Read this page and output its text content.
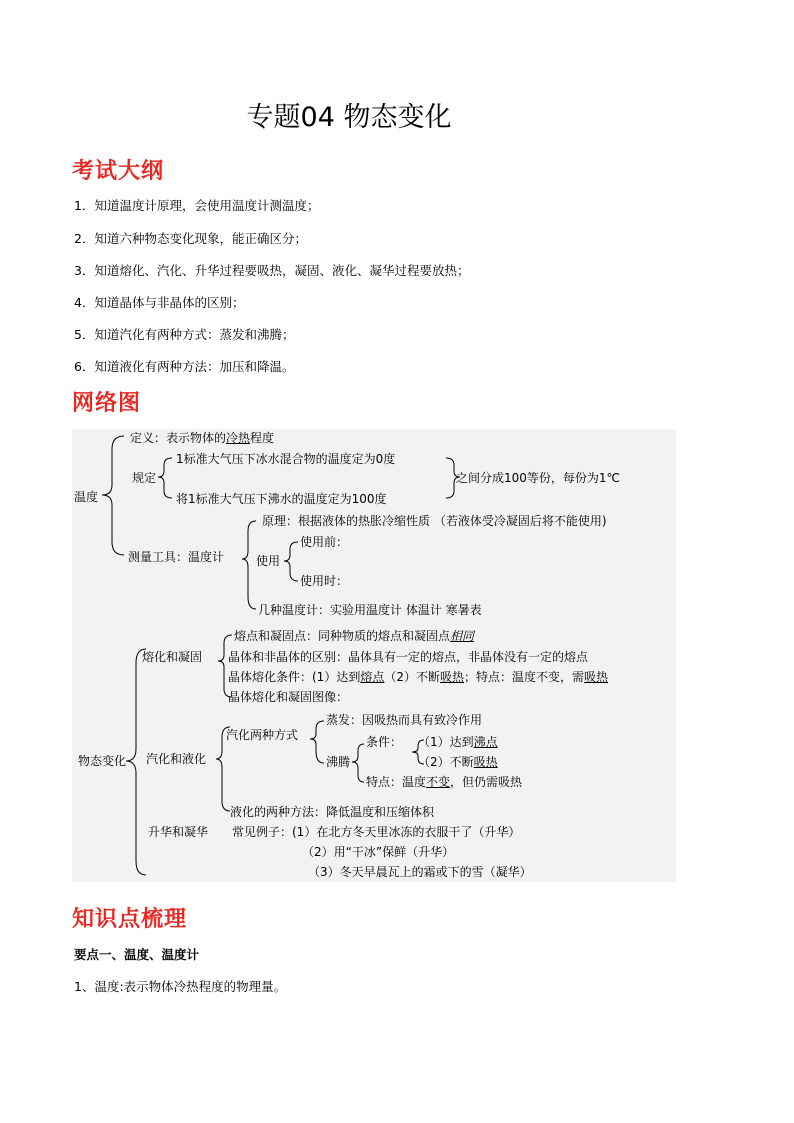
专题04 物态变化
考试大纲
1．知道温度计原理，会使用温度计测温度；
2．知道六种物态变化现象，能正确区分；
3．知道熔化、汽化、升华过程要吸热，凝固、液化、凝华过程要放热；
4．知道晶体与非晶体的区别；
5．知道汽化有两种方式：蒸发和沸腾；
6．知道液化有两种方法：加压和降温。
网络图
温度
定义：表示物体的冷热程度
规定
1标准大气压下冰水混合物的温度定为0度
将1标准大气压下沸水的温度定为100度
之间分成100等份，每份为1℃
测量工具：温度计
原理：根据液体的热胀冷缩性质 （若液体受冷凝固后将不能使用)
使用
使用前：
使用时：
几种温度计：实验用温度计 体温计 寒暑表
物态变化
熔化和凝固
熔点和凝固点：同种物质的熔点和凝固点相同
晶体和非晶体的区别：晶体具有一定的熔点，非晶体没有一定的熔点
晶体熔化条件：(1）达到熔点（2）不断吸热；特点：温度不变，需吸热
晶体熔化和凝固图像：
汽化和液化
汽化两种方式
蒸发：因吸热而具有致冷作用
沸腾
条件： （1）达到沸点
（2）不断吸热
特点：温度不变，但仍需吸热
液化的两种方法：降低温度和压缩体积
升华和凝华 常见例子：(1）在北方冬天里冰冻的衣服干了（升华）
（2）用“干冰”保鲜（升华）
（3）冬天早晨瓦上的霜或下的雪（凝华）
知识点梳理
要点一、温度、温度计
1、温度:表示物体冷热程度的物理量。
